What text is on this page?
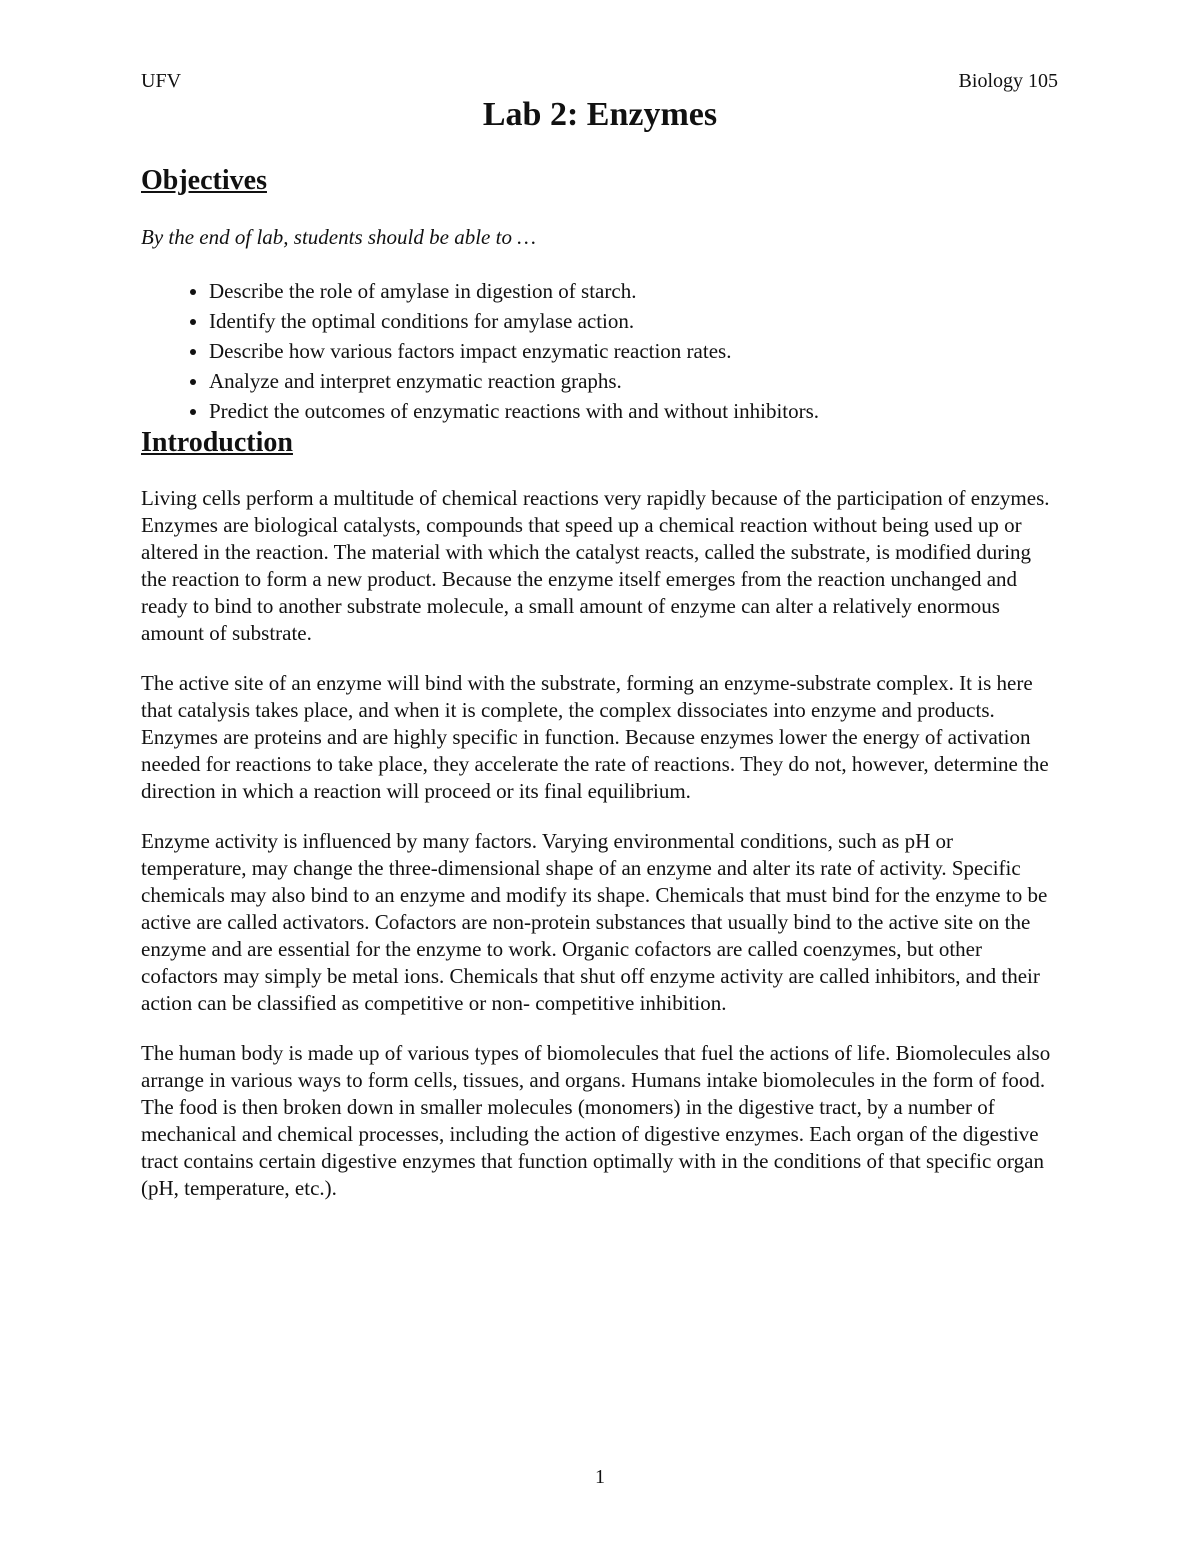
UFV	Biology 105
Lab 2: Enzymes
Objectives

By the end of lab, students should be able to …

• Describe the role of amylase in digestion of starch.
• Identify the optimal conditions for amylase action.
• Describe how various factors impact enzymatic reaction rates.
• Analyze and interpret enzymatic reaction graphs.
• Predict the outcomes of enzymatic reactions with and without inhibitors.
Introduction

Living cells perform a multitude of chemical reactions very rapidly because of the participation of enzymes. Enzymes are biological catalysts, compounds that speed up a chemical reaction without being used up or altered in the reaction. The material with which the catalyst reacts, called the substrate, is modified during the reaction to form a new product. Because the enzyme itself emerges from the reaction unchanged and ready to bind to another substrate molecule, a small amount of enzyme can alter a relatively enormous amount of substrate.

The active site of an enzyme will bind with the substrate, forming an enzyme-substrate complex. It is here that catalysis takes place, and when it is complete, the complex dissociates into enzyme and products. Enzymes are proteins and are highly specific in function. Because enzymes lower the energy of activation needed for reactions to take place, they accelerate the rate of reactions. They do not, however, determine the direction in which a reaction will proceed or its final equilibrium.

Enzyme activity is influenced by many factors. Varying environmental conditions, such as pH or temperature, may change the three-dimensional shape of an enzyme and alter its rate of activity. Specific chemicals may also bind to an enzyme and modify its shape. Chemicals that must bind for the enzyme to be active are called activators. Cofactors are non-protein substances that usually bind to the active site on the enzyme and are essential for the enzyme to work. Organic cofactors are called coenzymes, but other cofactors may simply be metal ions. Chemicals that shut off enzyme activity are called inhibitors, and their action can be classified as competitive or non- competitive inhibition.

The human body is made up of various types of biomolecules that fuel the actions of life. Biomolecules also arrange in various ways to form cells, tissues, and organs. Humans intake biomolecules in the form of food. The food is then broken down in smaller molecules (monomers) in the digestive tract, by a number of mechanical and chemical processes, including the action of digestive enzymes. Each organ of the digestive tract contains certain digestive enzymes that function optimally with in the conditions of that specific organ (pH, temperature, etc.).

1
